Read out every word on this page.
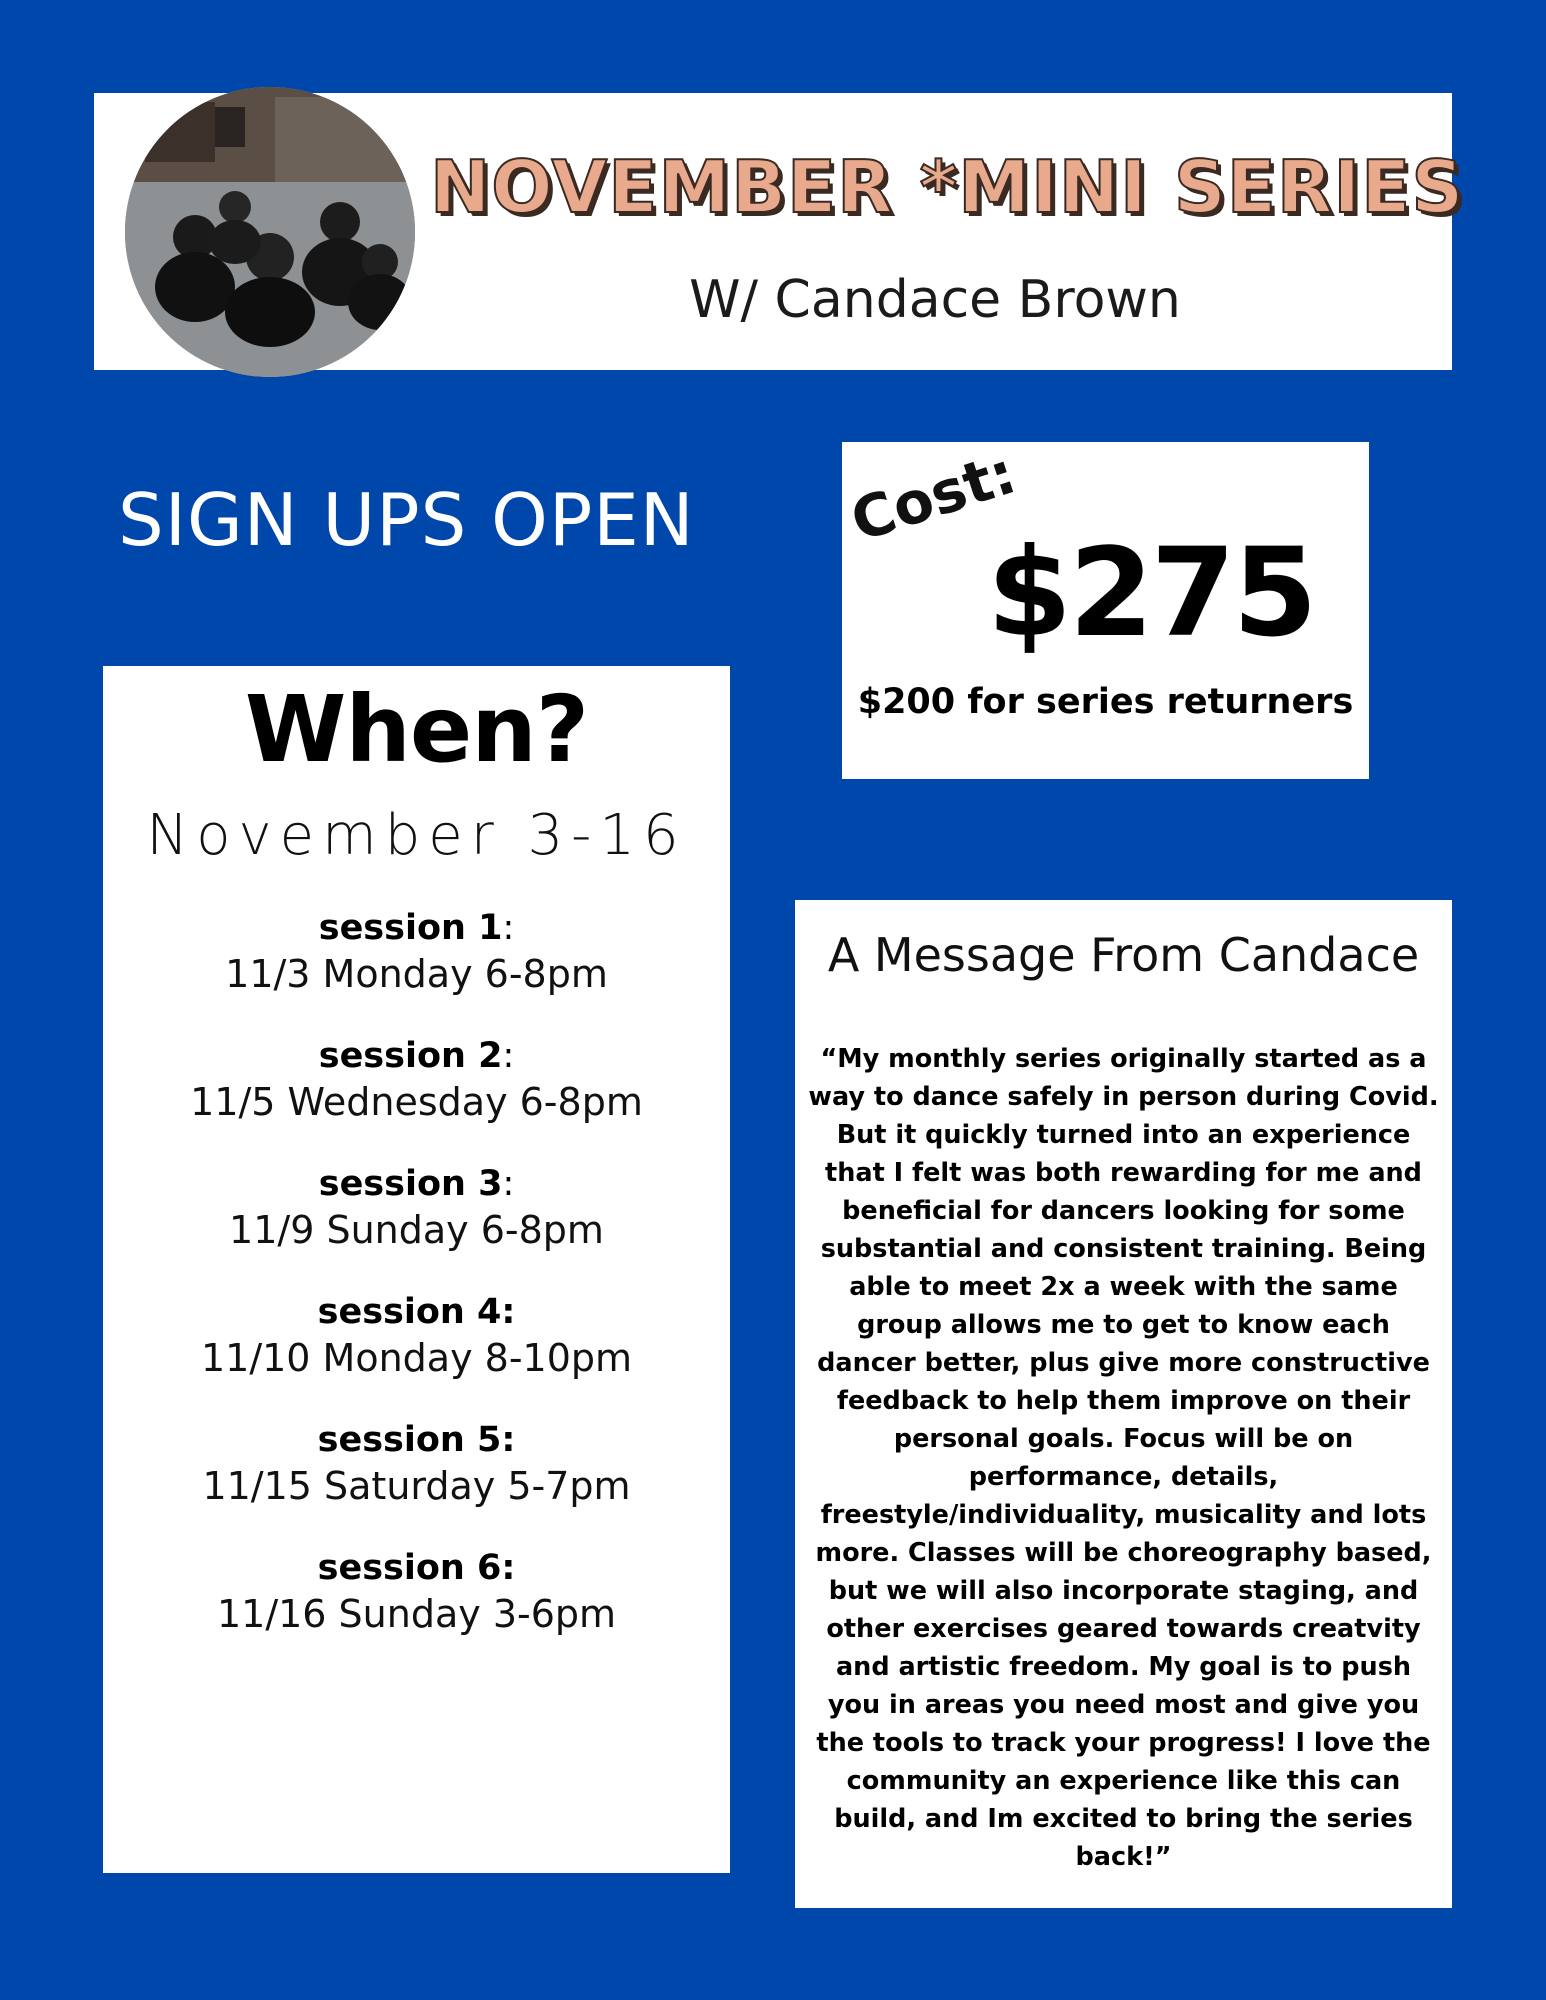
NOVEMBER *MINI SERIES
W/ Candace Brown
SIGN UPS OPEN	Cost:
$275
$200 for series returners
When?
November 3-16
session 1:
11/3 Monday 6-8pm
session 2:
11/5 Wednesday 6-8pm
session 3:
11/9 Sunday 6-8pm
session 4:
11/10 Monday 8-10pm
session 5:
11/15 Saturday 5-7pm
session 6:
11/16 Sunday 3-6pm
A Message From Candace
“My monthly series originally started as a way to dance safely in person during Covid. But it quickly turned into an experience that I felt was both rewarding for me and beneficial for dancers looking for some substantial and consistent training. Being able to meet 2x a week with the same group allows me to get to know each dancer better, plus give more constructive feedback to help them improve on their personal goals. Focus will be on performance, details, freestyle/individuality, musicality and lots more. Classes will be choreography based, but we will also incorporate staging, and other exercises geared towards creatvity and artistic freedom. My goal is to push you in areas you need most and give you the tools to track your progress! I love the community an experience like this can build, and Im excited to bring the series back!”
